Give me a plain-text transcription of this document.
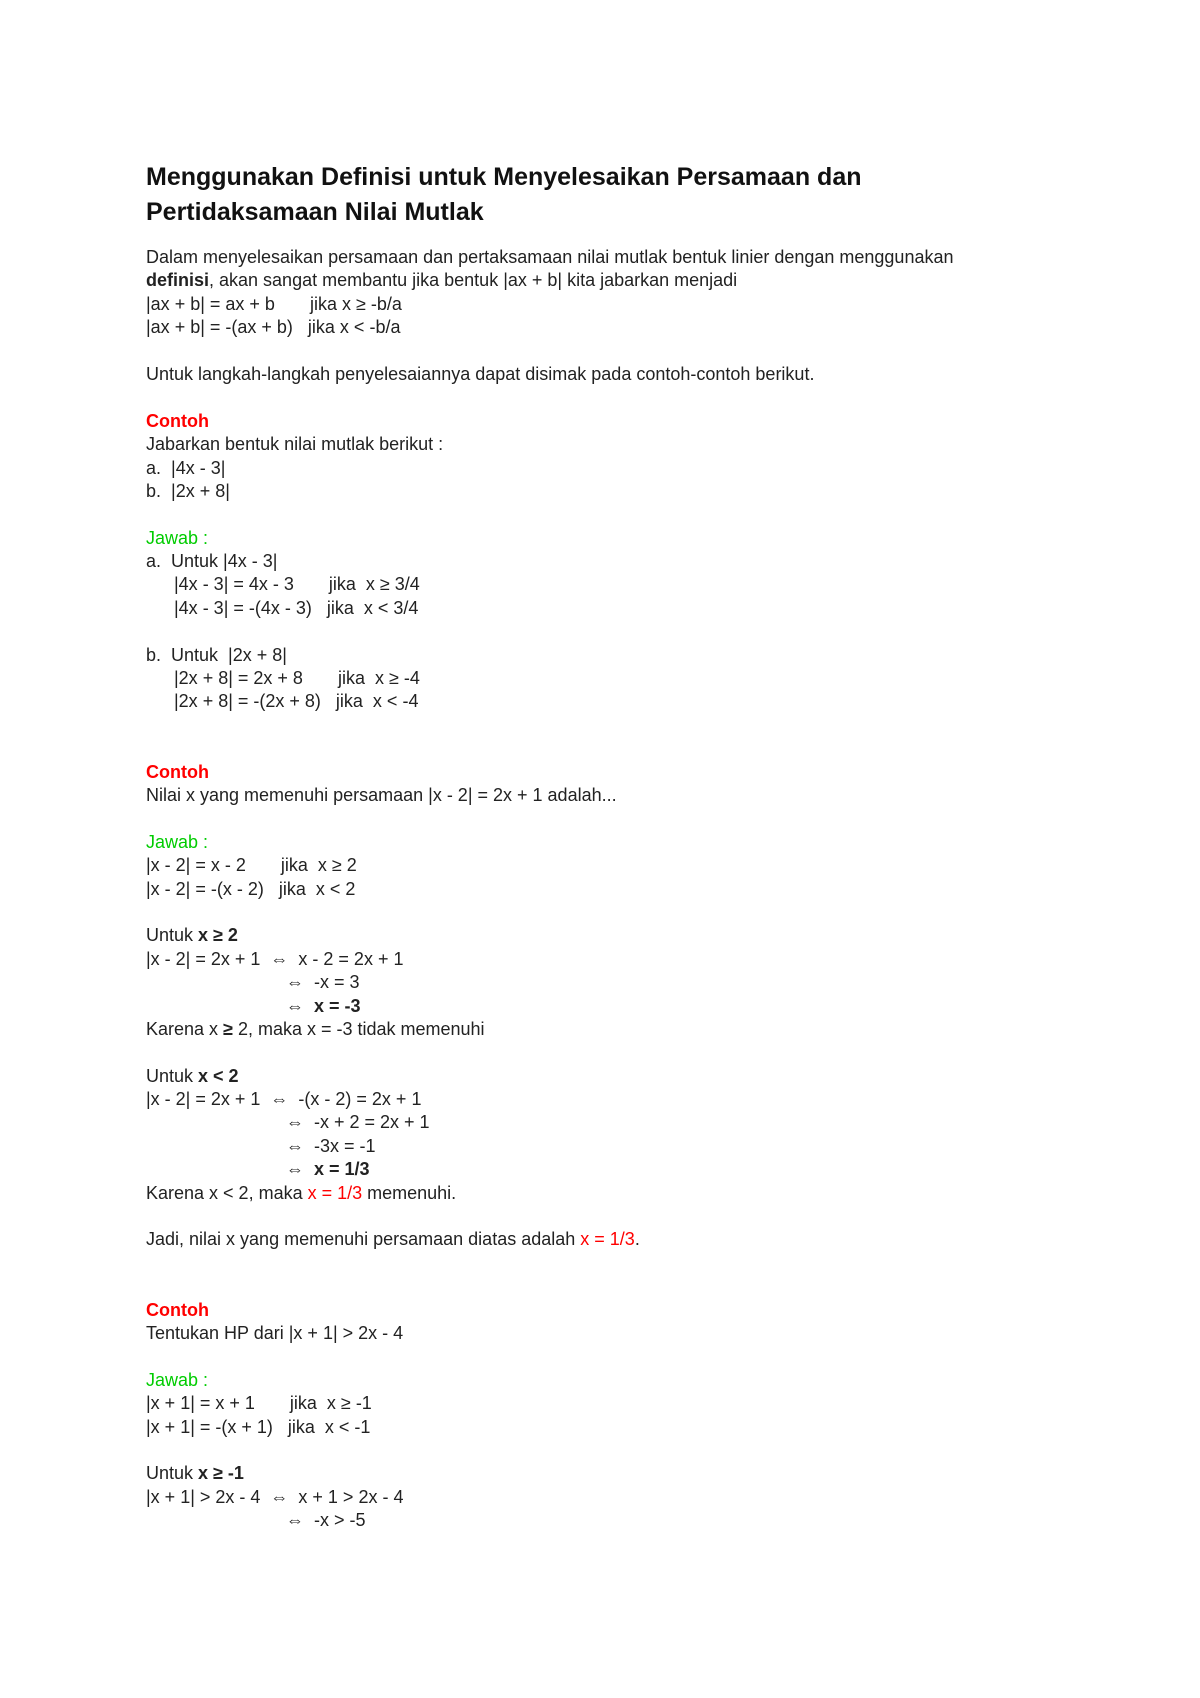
Menggunakan Definisi untuk Menyelesaikan Persamaan dan
Pertidaksamaan Nilai Mutlak
Dalam menyelesaikan persamaan dan pertaksamaan nilai mutlak bentuk linier dengan menggunakan
definisi, akan sangat membantu jika bentuk |ax + b| kita jabarkan menjadi
|ax + b| = ax + b       jika x ≥ -b/a
|ax + b| = -(ax + b)   jika x < -b/a
Untuk langkah-langkah penyelesaiannya dapat disimak pada contoh-contoh berikut.
Contoh
Jabarkan bentuk nilai mutlak berikut :
a.  |4x - 3|
b.  |2x + 8|
Jawab :
a.  Untuk |4x - 3|
|4x - 3| = 4x - 3       jika  x ≥ 3/4
|4x - 3| = -(4x - 3)   jika  x < 3/4
b.  Untuk  |2x + 8|
|2x + 8| = 2x + 8       jika  x ≥ -4
|2x + 8| = -(2x + 8)   jika  x < -4
Contoh
Nilai x yang memenuhi persamaan |x - 2| = 2x + 1 adalah...
Jawab :
|x - 2| = x - 2       jika  x ≥ 2
|x - 2| = -(x - 2)   jika  x < 2
Untuk x ≥ 2
|x - 2| = 2x + 1  ⇔  x - 2 = 2x + 1
⇔  -x = 3
⇔  x = -3
Karena x ≥ 2, maka x = -3 tidak memenuhi
Untuk x < 2
|x - 2| = 2x + 1  ⇔  -(x - 2) = 2x + 1
⇔  -x + 2 = 2x + 1
⇔  -3x = -1
⇔  x = 1/3
Karena x < 2, maka x = 1/3 memenuhi.
Jadi, nilai x yang memenuhi persamaan diatas adalah x = 1/3.
Contoh
Tentukan HP dari |x + 1| > 2x - 4
Jawab :
|x + 1| = x + 1       jika  x ≥ -1
|x + 1| = -(x + 1)   jika  x < -1
Untuk x ≥ -1
|x + 1| > 2x - 4  ⇔  x + 1 > 2x - 4
⇔  -x > -5
